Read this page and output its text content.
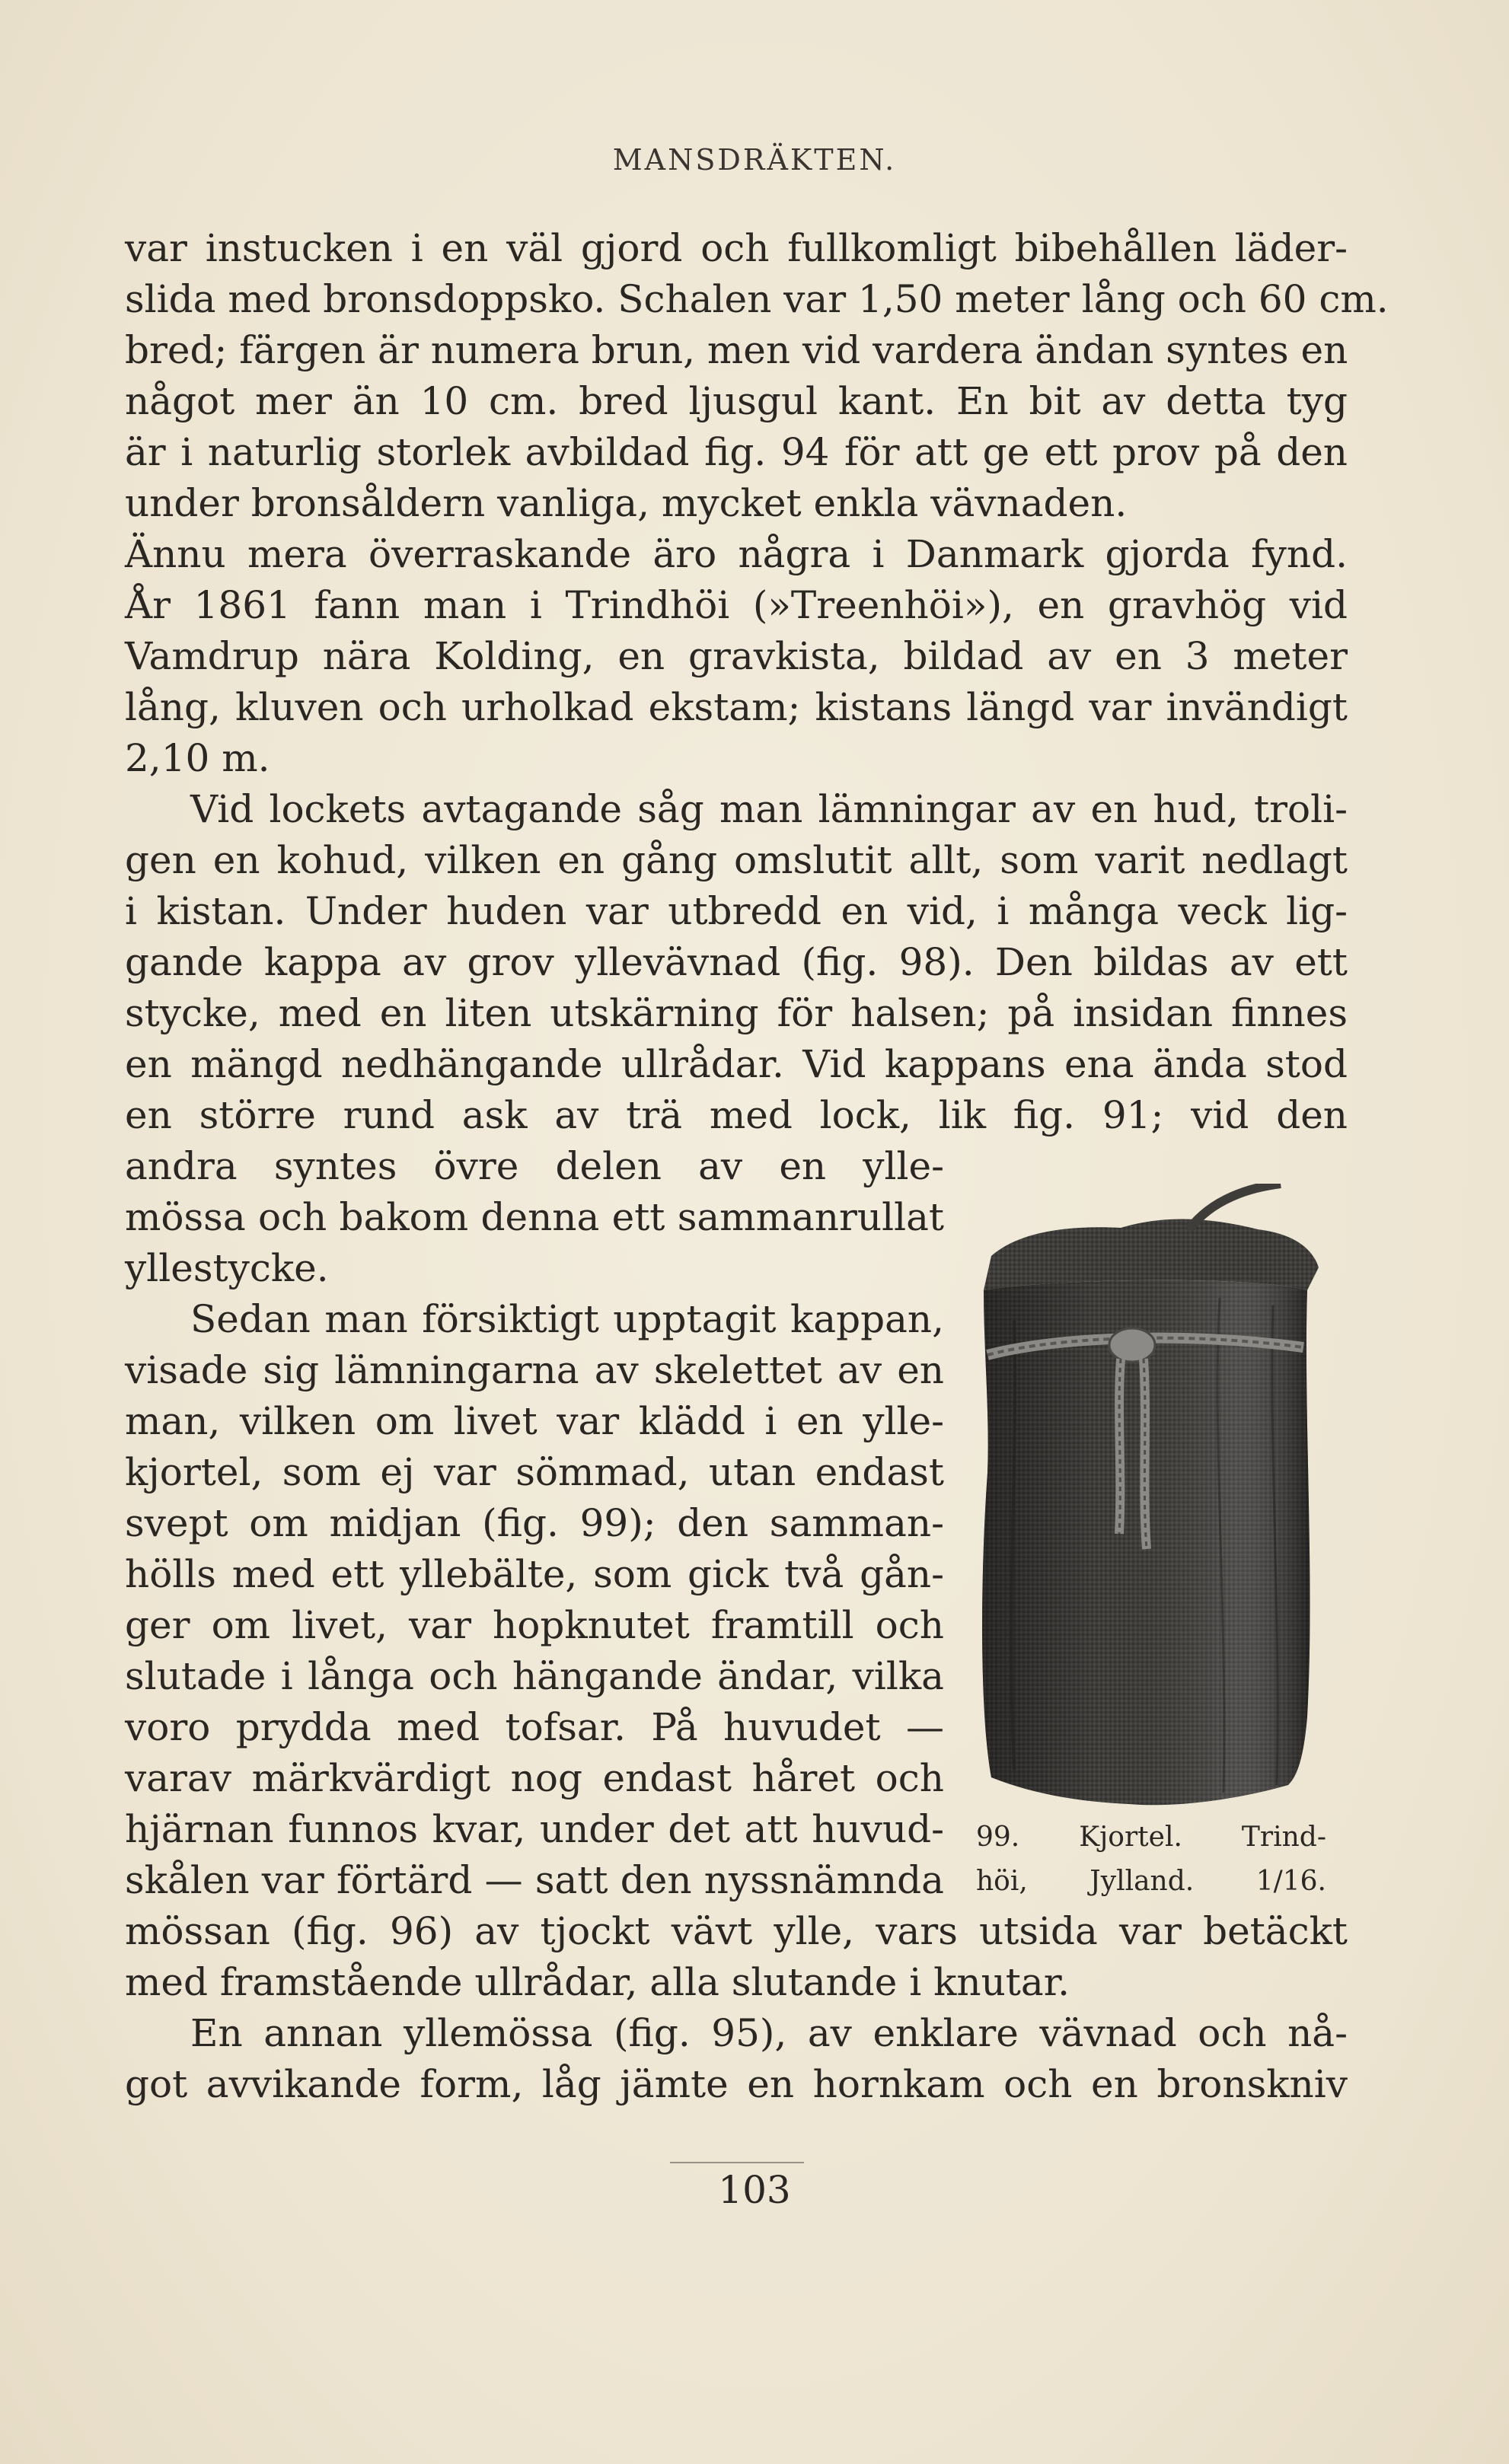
MANSDRÄKTEN.
var instucken i en väl gjord och fullkomligt bibehållen läder-
slida med bronsdoppsko. Schalen var 1,50 meter lång och 60 cm.
bred; färgen är numera brun, men vid vardera ändan syntes en
något mer än 10 cm. bred ljusgul kant. En bit av detta tyg
är i naturlig storlek avbildad fig. 94 för att ge ett prov på den
under bronsåldern vanliga, mycket enkla vävnaden.
Ännu mera överraskande äro några i Danmark gjorda fynd.
År 1861 fann man i Trindhöi (»Treenhöi»), en gravhög vid
Vamdrup nära Kolding, en gravkista, bildad av en 3 meter
lång, kluven och urholkad ekstam; kistans längd var invändigt
2,10 m.
Vid lockets avtagande såg man lämningar av en hud, troli-
gen en kohud, vilken en gång omslutit allt, som varit nedlagt
i kistan. Under huden var utbredd en vid, i många veck lig-
gande kappa av grov yllevävnad (fig. 98). Den bildas av ett
stycke, med en liten utskärning för halsen; på insidan finnes
en mängd nedhängande ullrådar. Vid kappans ena ända stod
en större rund ask av trä med lock, lik fig. 91; vid den
andra syntes övre delen av en ylle-
mössa och bakom denna ett sammanrullat
yllestycke.
Sedan man försiktigt upptagit kappan,
visade sig lämningarna av skelettet av en
man, vilken om livet var klädd i en ylle-
kjortel, som ej var sömmad, utan endast
svept om midjan (fig. 99); den samman-
hölls med ett yllebälte, som gick två gån-
ger om livet, var hopknutet framtill och
slutade i långa och hängande ändar, vilka
voro prydda med tofsar. På huvudet —
varav märkvärdigt nog endast håret och
hjärnan funnos kvar, under det att huvud-
skålen var förtärd — satt den nyssnämnda
mössan (fig. 96) av tjockt vävt ylle, vars utsida var betäckt
med framstående ullrådar, alla slutande i knutar.
En annan yllemössa (fig. 95), av enklare vävnad och nå-
got avvikande form, låg jämte en hornkam och en bronskniv
99. Kjortel. Trind-
höi, Jylland. 1/16.
103
